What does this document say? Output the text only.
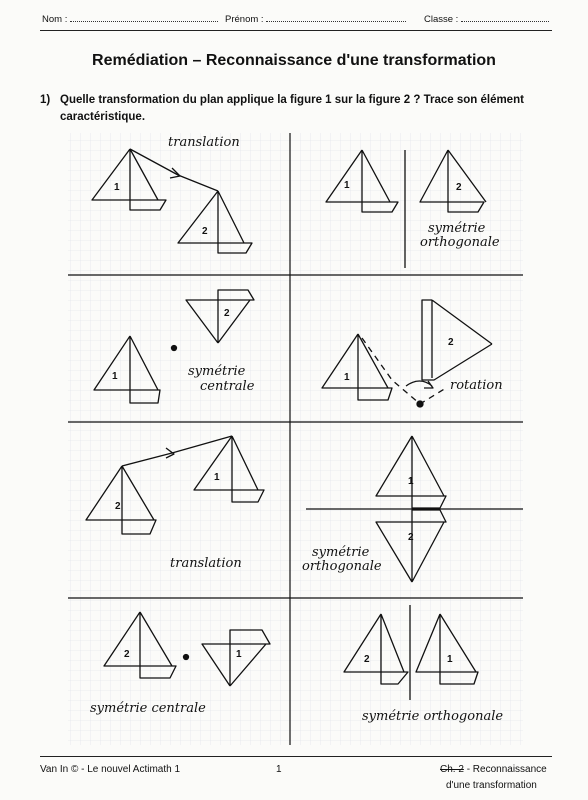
Nom :	Prénom :	Classe :
Remédiation – Reconnaissance d'une transformation
1) Quelle transformation du plan applique la figure 1 sur la figure 2 ? Trace son élément caractéristique.
1
2
1	2
1
2
1
2
2
1	1
2
2	1	2	1
translation
symétrie
orthogonale
symétrie
centrale	rotation
translation
symétrie
orthogonale
symétrie centrale
symétrie orthogonale
Van In © - Le nouvel Actimath 1	1	Ch. 2 - Reconnaissance
d'une transformation
